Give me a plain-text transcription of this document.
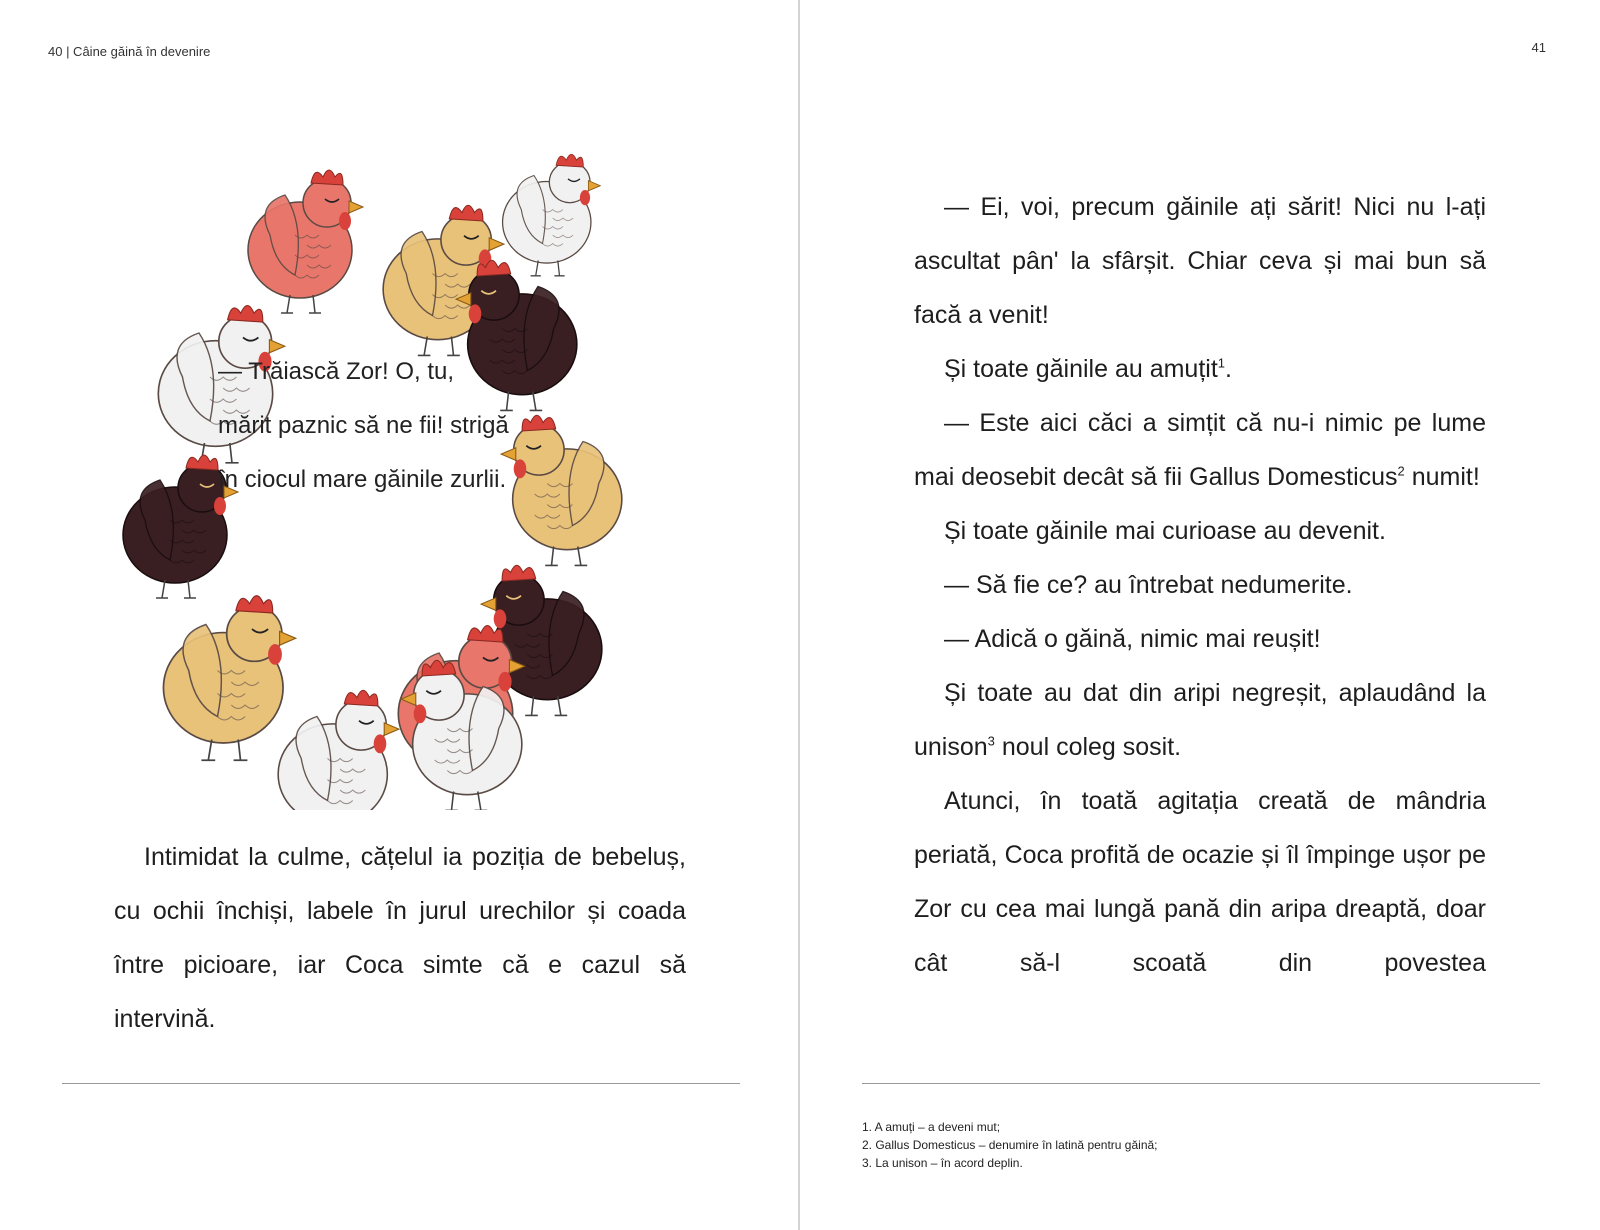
40 | Câine găină în devenire
— Trăiască Zor! O, tu,
mărit paznic să ne fii! strigă
în ciocul mare găinile zurlii.
Intimidat la culme, cățelul ia poziția de bebeluș, cu ochii închiși, labele în jurul urechilor și coada între picioare, iar Coca simte că e cazul să intervină.
41

— Ei, voi, precum găinile ați sărit! Nici nu l-ați ascultat pân' la sfârșit. Chiar ceva și mai bun să facă a venit!

Și toate găinile au amuțit$^1$.

— Este aici căci a simțit că nu-i nimic pe lume mai deosebit decât să fii Gallus Domesticus$^2$ numit!

Și toate găinile mai curioase au devenit.

— Să fie ce? au întrebat nedumerite.

— Adică o găină, nimic mai reușit!

Și toate au dat din aripi negreșit, aplaudând la unison$^3$ noul coleg sosit.

Atunci, în toată agitația creată de mândria periată, Coca profită de ocazie și îl împinge ușor pe Zor cu cea mai lungă pană din aripa dreaptă, doar cât să-l scoată din povestea

1. A amuți – a deveni mut;
2. Gallus Domesticus – denumire în latină pentru găină;
3. La unison – în acord deplin.
